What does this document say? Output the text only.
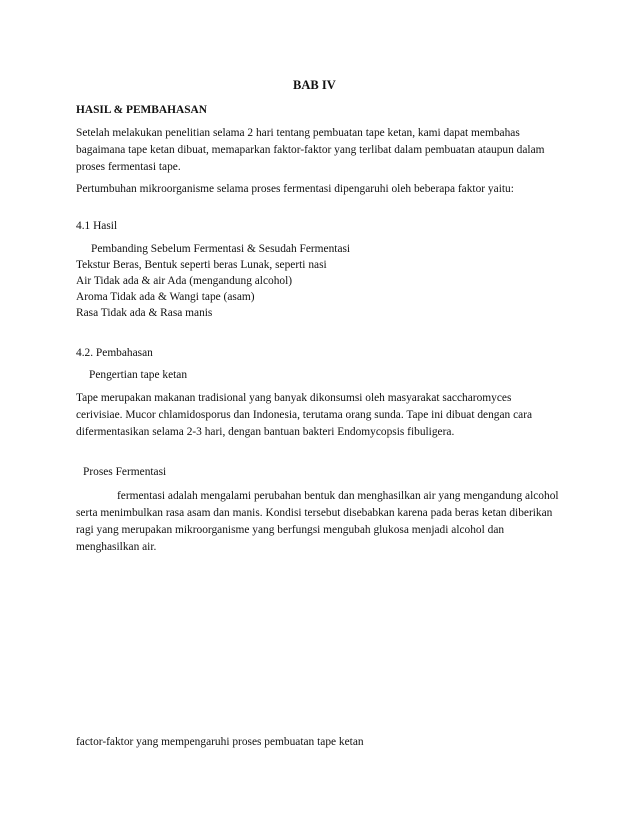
BAB IV
HASIL & PEMBAHASAN
Setelah melakukan penelitian selama 2 hari tentang pembuatan tape ketan, kami dapat membahas
bagaimana tape ketan dibuat, memaparkan faktor-faktor yang terlibat dalam pembuatan ataupun dalam
proses fermentasi tape.
Pertumbuhan mikroorganisme selama proses fermentasi dipengaruhi oleh beberapa faktor yaitu:
4.1 Hasil
Pembanding Sebelum Fermentasi & Sesudah Fermentasi
Tekstur Beras, Bentuk seperti beras Lunak, seperti nasi
Air Tidak ada & air Ada (mengandung alcohol)
Aroma Tidak ada & Wangi tape (asam)
Rasa Tidak ada & Rasa manis
4.2. Pembahasan
Pengertian tape ketan
Tape merupakan makanan tradisional yang banyak dikonsumsi oleh masyarakat saccharomyces
cerivisiae. Mucor chlamidosporus dan Indonesia, terutama orang sunda. Tape ini dibuat dengan cara
difermentasikan selama 2-3 hari, dengan bantuan bakteri Endomycopsis fibuligera.
Proses Fermentasi
fermentasi adalah mengalami perubahan bentuk dan menghasilkan air yang mengandung alcohol
serta menimbulkan rasa asam dan manis. Kondisi tersebut disebabkan karena pada beras ketan diberikan
ragi yang merupakan mikroorganisme yang berfungsi mengubah glukosa menjadi alcohol dan
menghasilkan air.
factor-faktor yang mempengaruhi proses pembuatan tape ketan
